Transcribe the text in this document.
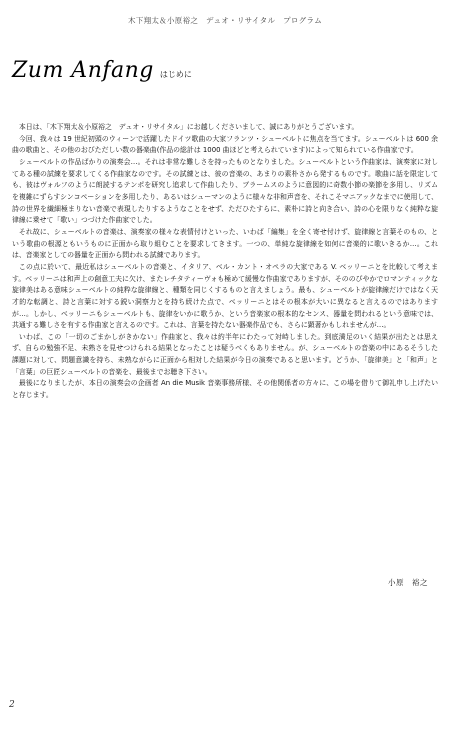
木下翔太＆小原裕之　デュオ・リサイタル　プログラム
Zum Anfang はじめに

本日は、「木下翔太＆小原裕之　デュオ・リサイタル」にお越しくださいまして、誠にありがとうございます。

今回、我々は 19 世紀初頭のウィーンで活躍したドイツ歌曲の大家フランツ・シューベルトに焦点を当てます。シューベルトは 600 余曲の歌曲と、その他のおびただしい数の器楽曲(作品の総計は 1000 曲ほどと考えられています)によって知られている作曲家です。

シューベルトの作品ばかりの演奏会…。それは非常な難しさを持ったものとなりました。シューベルトという作曲家は、演奏家に対してある種の試練を要求してくる作曲家なのです。その試練とは、彼の音楽の、あまりの素朴さから発するものです。歌曲に話を限定しても、彼はヴォルフのように朗読するテンポを研究し追求して作曲したり、ブラームスのように意図的に奇数小節の楽節を多用し、リズムを複雑にずらすシンコペーションを多用したり、あるいはシューマンのように様々な非和声音を、それこそマニアックなまでに使用して、詩の世界を繊細極まりない音楽で表現したりするようなことをせず、ただひたすらに、素朴に詩と向き合い、詩の心を限りなく純粋な旋律線に乗せて「歌い」つづけた作曲家でした。

それ故に、シューベルトの音楽は、演奏家の様々な表情付けといった、いわば「編集」を全く寄せ付けず、旋律線と言葉そのもの、という歌曲の根源ともいうものに正面から取り組むことを要求してきます。一つの、単純な旋律線を如何に音楽的に歌いきるか…。これは、音楽家としての器量を正面から問われる試練であります。

この点に於いて、最近私はシューベルトの音楽と、イタリア、ベル・カント・オペラの大家である V. ベッリーニとを比較して考えます。ベッリーニは和声上の創意工夫に欠け、またレチタティーヴォも極めて緩慢な作曲家でありますが、そののびやかでロマンティックな旋律美はある意味シューベルトの純粋な旋律線と、種類を同じくするものと言えましょう。最も、シューベルトが旋律線だけではなく天才的な転調と、詩と言葉に対する鋭い洞察力とを持ち続けた点で、ベッリーニとはその根本が大いに異なると言えるのではありますが…。しかし、ベッリーニもシューベルトも、旋律をいかに歌うか、という音楽家の根本的なセンス、器量を問われるという意味では、共通する難しさを有する作曲家と言えるのです。これは、言葉を持たない器楽作品でも、さらに顕著かもしれませんが…。

いわば、この「一切のごまかしがきかない」作曲家と、我々は約半年にわたって対峙しました。到底満足のいく結果が出たとは思えず、自らの勉強不足、未熟さを見せつけられる結果となったことは疑うべくもありません。が、シューベルトの音楽の中にあるそうした課題に対して、問題意識を持ち、未熟ながらに正面から相対した結果が今日の演奏であると思います。どうか、「旋律美」と「和声」と「言葉」の巨匠シューベルトの音楽を、最後までお聴き下さい。

最後になりましたが、本日の演奏会の企画者 An die Musik 音楽事務所様、その他関係者の方々に、この場を借りて御礼申し上げたいと存じます。

小原　裕之
2
